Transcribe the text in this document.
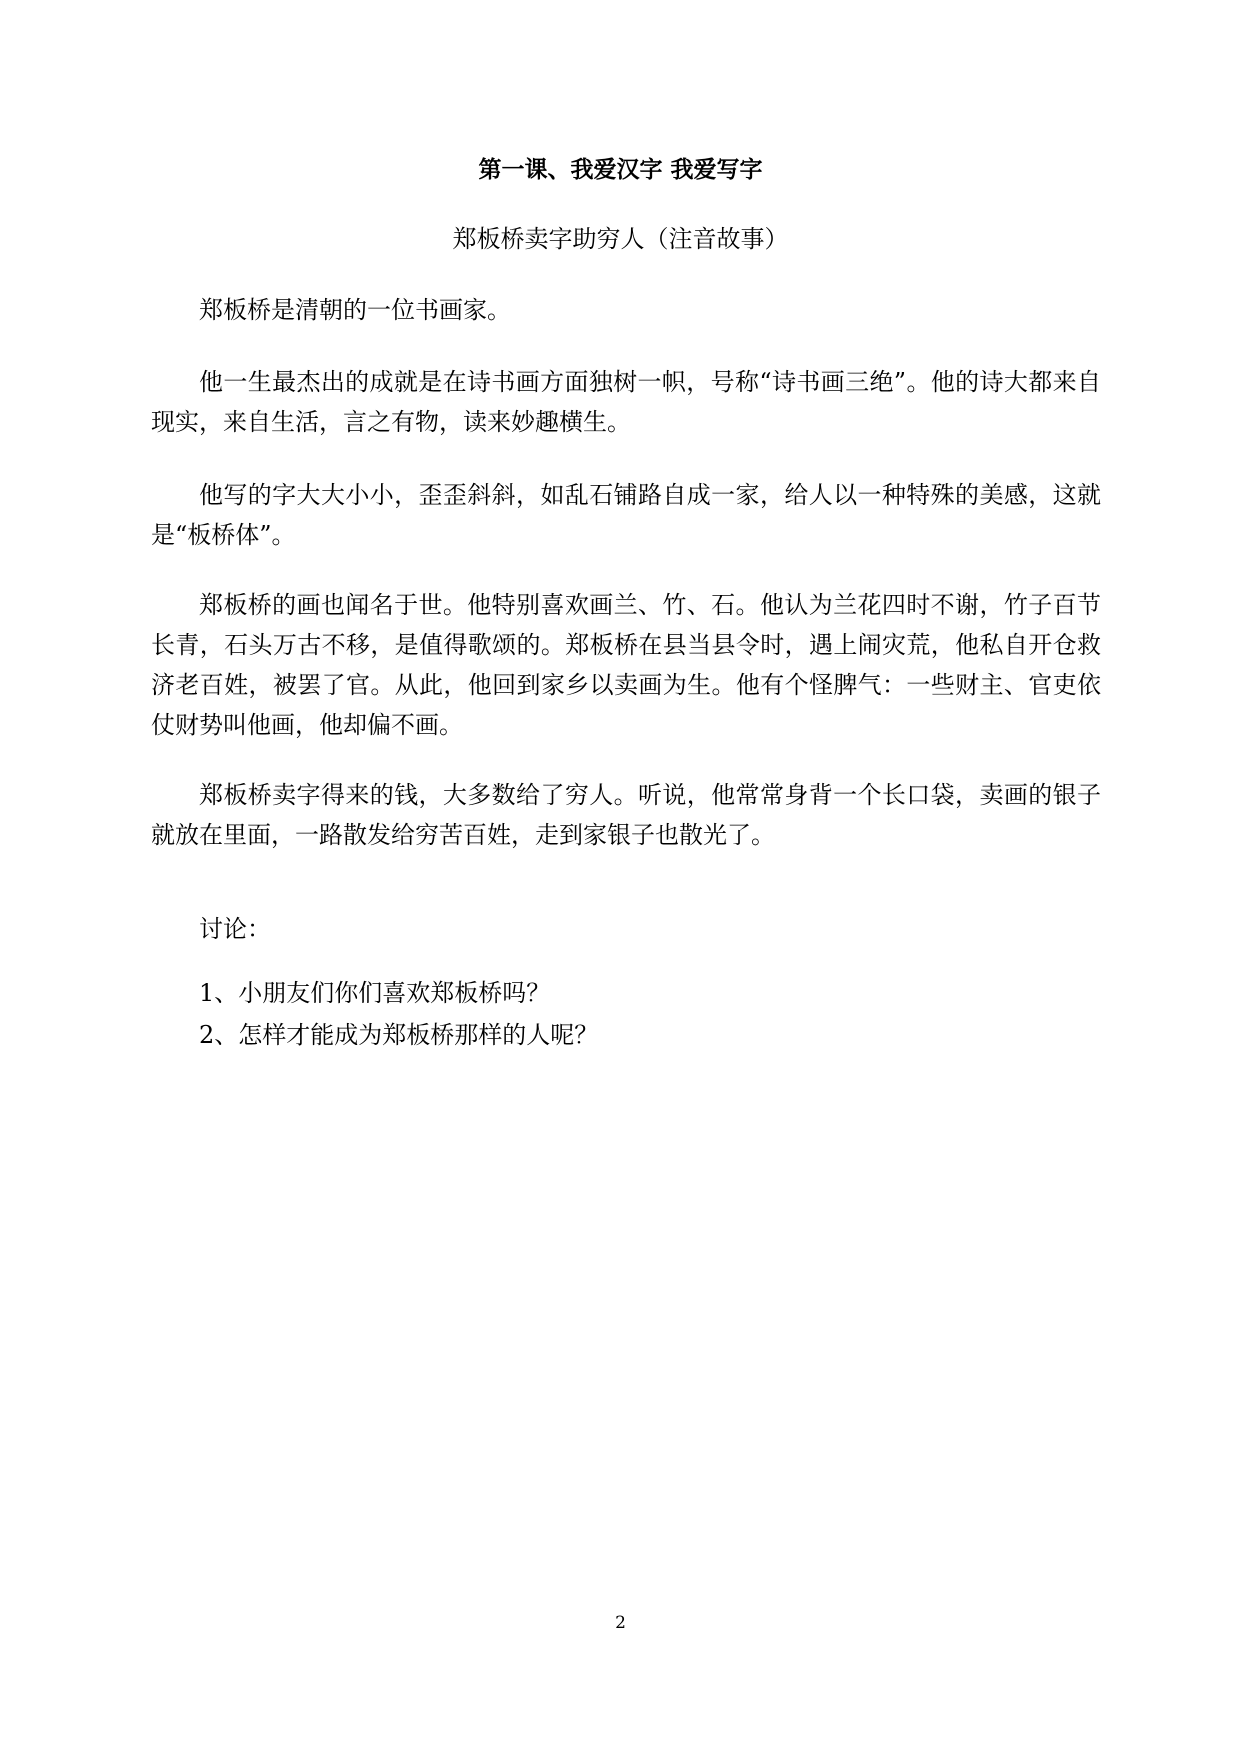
第一课、我爱汉字 我爱写字
郑板桥卖字助穷人（注音故事）

郑板桥是清朝的一位书画家。

他一生最杰出的成就是在诗书画方面独树一帜，号称“诗书画三绝”。他的诗大都来自现实，来自生活，言之有物，读来妙趣横生。

他写的字大大小小，歪歪斜斜，如乱石铺路自成一家，给人以一种特殊的美感，这就是“板桥体”。

郑板桥的画也闻名于世。他特别喜欢画兰、竹、石。他认为兰花四时不谢，竹子百节长青，石头万古不移，是值得歌颂的。郑板桥在县当县令时，遇上闹灾荒，他私自开仓救济老百姓，被罢了官。从此，他回到家乡以卖画为生。他有个怪脾气：一些财主、官吏依仗财势叫他画，他却偏不画。

郑板桥卖字得来的钱，大多数给了穷人。听说，他常常身背一个长口袋，卖画的银子就放在里面，一路散发给穷苦百姓，走到家银子也散光了。

讨论：

1、小朋友们你们喜欢郑板桥吗？

2、怎样才能成为郑板桥那样的人呢？

2
